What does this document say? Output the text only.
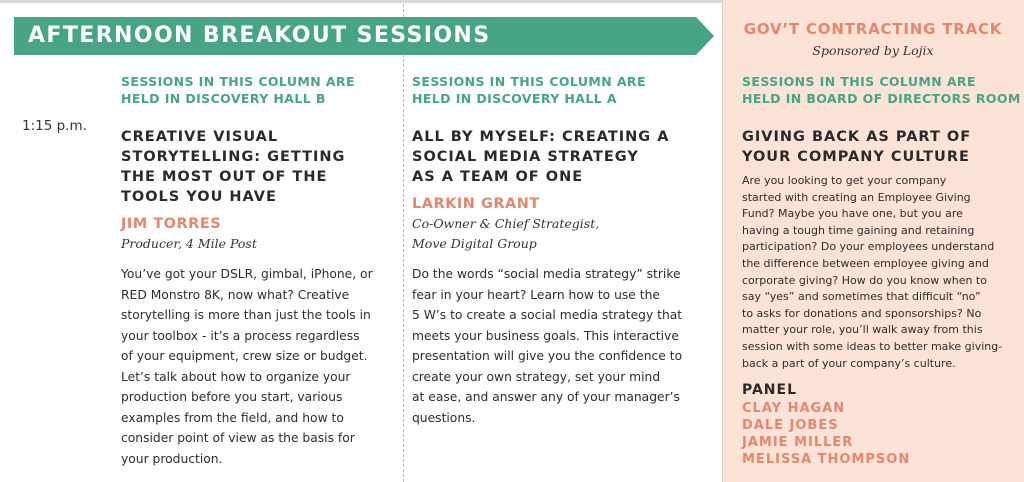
AFTERNOON BREAKOUT SESSIONS	GOV’T CONTRACTING TRACK
Sponsored by Lojix
1:15 p.m.
SESSIONS IN THIS COLUMN ARE
HELD IN DISCOVERY HALL B
CREATIVE VISUAL
STORYTELLING: GETTING
THE MOST OUT OF THE
TOOLS YOU HAVE
JIM TORRES
Producer, 4 Mile Post
You’ve got your DSLR, gimbal, iPhone, or
RED Monstro 8K, now what? Creative
storytelling is more than just the tools in
your toolbox - it’s a process regardless
of your equipment, crew size or budget.
Let’s talk about how to organize your
production before you start, various
examples from the field, and how to
consider point of view as the basis for
your production.
SESSIONS IN THIS COLUMN ARE
HELD IN DISCOVERY HALL A
ALL BY MYSELF: CREATING A
SOCIAL MEDIA STRATEGY
AS A TEAM OF ONE
LARKIN GRANT
Co-Owner & Chief Strategist,
Move Digital Group
Do the words “social media strategy” strike
fear in your heart? Learn how to use the
5 W’s to create a social media strategy that
meets your business goals. This interactive
presentation will give you the confidence to
create your own strategy, set your mind
at ease, and answer any of your manager’s
questions.
SESSIONS IN THIS COLUMN ARE
HELD IN BOARD OF DIRECTORS ROOM
GIVING BACK AS PART OF
YOUR COMPANY CULTURE
Are you looking to get your company
started with creating an Employee Giving
Fund? Maybe you have one, but you are
having a tough time gaining and retaining
participation? Do your employees understand
the difference between employee giving and
corporate giving? How do you know when to
say “yes” and sometimes that difficult “no”
to asks for donations and sponsorships? No
matter your role, you’ll walk away from this
session with some ideas to better make giving-
back a part of your company’s culture.
PANEL
CLAY HAGAN
DALE JOBES
JAMIE MILLER
MELISSA THOMPSON
